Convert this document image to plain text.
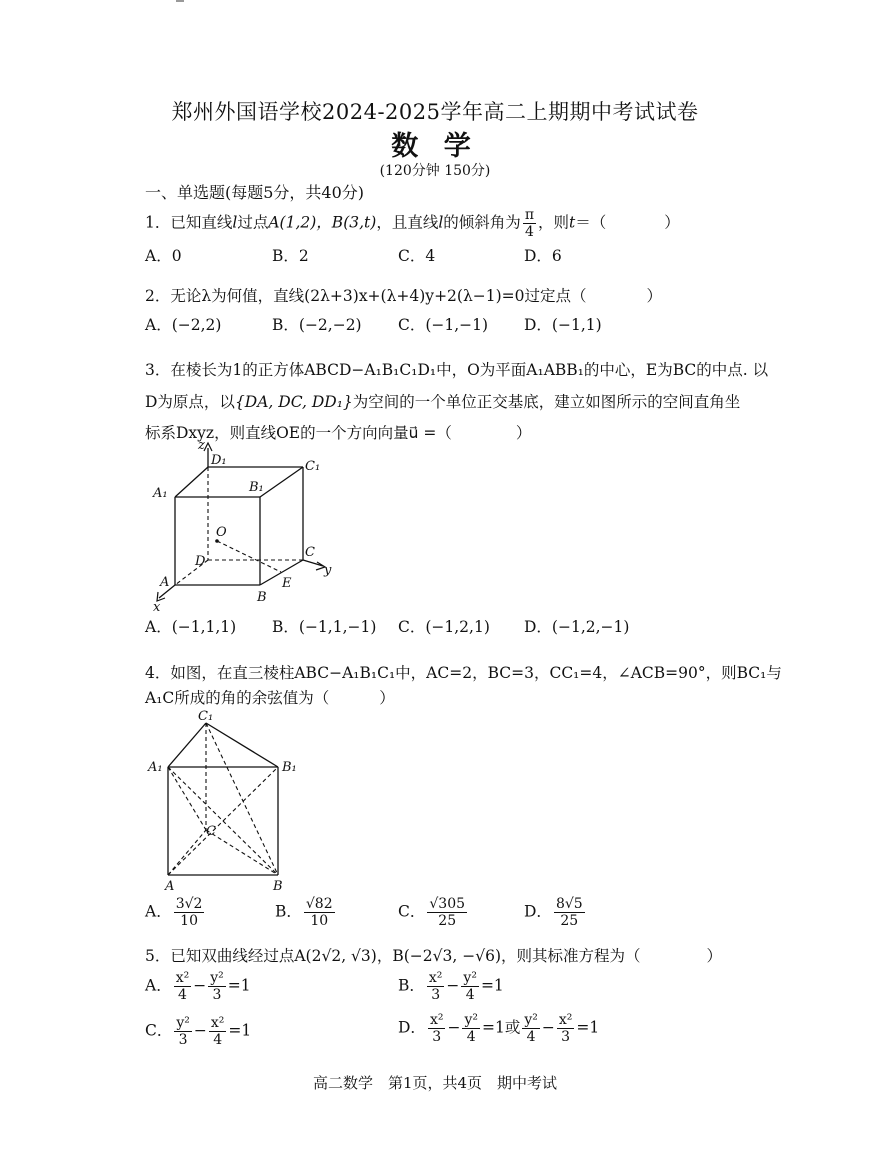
郑州外国语学校2024-2025学年高二上期期中考试试卷
数 学
(120分钟 150分)
一、单选题(每题5分，共40分)
1．已知直线l过点A(1,2)，B(3,t)，且直线l的倾斜角为 $\frac{\pi}{4}$ ，则t＝（	）
A．0	B．2	C．4	D．6
2．无论λ为何值，直线(2λ+3)x+(λ+4)y+2(λ−1)=0过定点（	）
A．(−2,2)	B．(−2,−2) C．(−1,−1) D．(−1,1)
3．在棱长为1的正方体ABCD−A₁B₁C₁D₁中，O为平面A₁ABB₁的中心，E为BC的中点. 以
D为原点，以{DA, DC, DD₁}为空间的一个单位正交基底，建立如图所示的空间直角坐
标系Dxyz，则直线OE的一个方向向量u⃗ =（	）
z
D₁	C₁
A₁	B₁
O
D
C
y
A	E
B
x
A．(−1,1,1) B．(−1,1,−1) C．(−1,2,1) D．(−1,2,−1)
4．如图，在直三棱柱ABC−A₁B₁C₁中，AC=2，BC=3，CC₁=4，∠ACB=90°，则BC₁与
A₁C所成的角的余弦值为（	）
C₁
A₁	B₁
C
A	B
A． $\frac{3√2}{10}$	B． $\frac{√82}{10}$	C． $\frac{√305}{25}$	D． $\frac{8√5}{25}$
5．已知双曲线经过点A(2√2, √3)，B(−2√3, −√6)，则其标准方程为（	）
A． $\frac{\text{x²}}{4} - \frac{\text{y²}}{3} =1$	B． $\frac{\text{x²}}{3} - \frac{\text{y²}}{4} =1$
C． $\frac{\text{y²}}{3} - \frac{\text{x²}}{4} =1$	D． $\frac{\text{x²}}{3} - \frac{\text{y²}}{4} =1$或 $\frac{\text{y²}}{4} - \frac{\text{x²}}{3} =1$
高二数学　第1页，共4页　期中考试
